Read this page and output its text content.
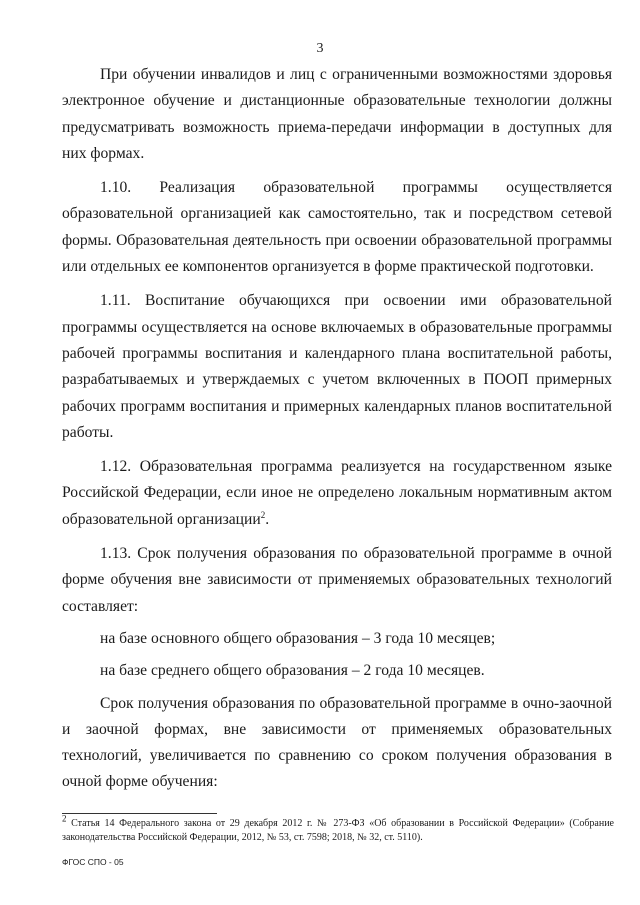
3

При обучении инвалидов и лиц с ограниченными возможностями здоровья электронное обучение и дистанционные образовательные технологии должны предусматривать возможность приема-передачи информации в доступных для них формах.

1.10. Реализация образовательной программы осуществляется образовательной организацией как самостоятельно, так и посредством сетевой формы. Образовательная деятельность при освоении образовательной программы или отдельных ее компонентов организуется в форме практической подготовки.

1.11. Воспитание обучающихся при освоении ими образовательной программы осуществляется на основе включаемых в образовательные программы рабочей программы воспитания и календарного плана воспитательной работы, разрабатываемых и утверждаемых с учетом включенных в ПООП примерных рабочих программ воспитания и примерных календарных планов воспитательной работы.

1.12. Образовательная программа реализуется на государственном языке Российской Федерации, если иное не определено локальным нормативным актом образовательной организации$^2$.

1.13. Срок получения образования по образовательной программе в очной форме обучения вне зависимости от применяемых образовательных технологий составляет:

на базе основного общего образования – 3 года 10 месяцев;

на базе среднего общего образования – 2 года 10 месяцев.

Срок получения образования по образовательной программе в очно-заочной и заочной формах, вне зависимости от применяемых образовательных технологий, увеличивается по сравнению со сроком получения образования в очной форме обучения:

$^2$ Статья 14 Федерального закона от 29 декабря 2012 г. № 273-ФЗ «Об образовании в Российской Федерации» (Собрание законодательства Российской Федерации, 2012, № 53, ст. 7598; 2018, № 32, ст. 5110).
ФГОС СПО - 05
